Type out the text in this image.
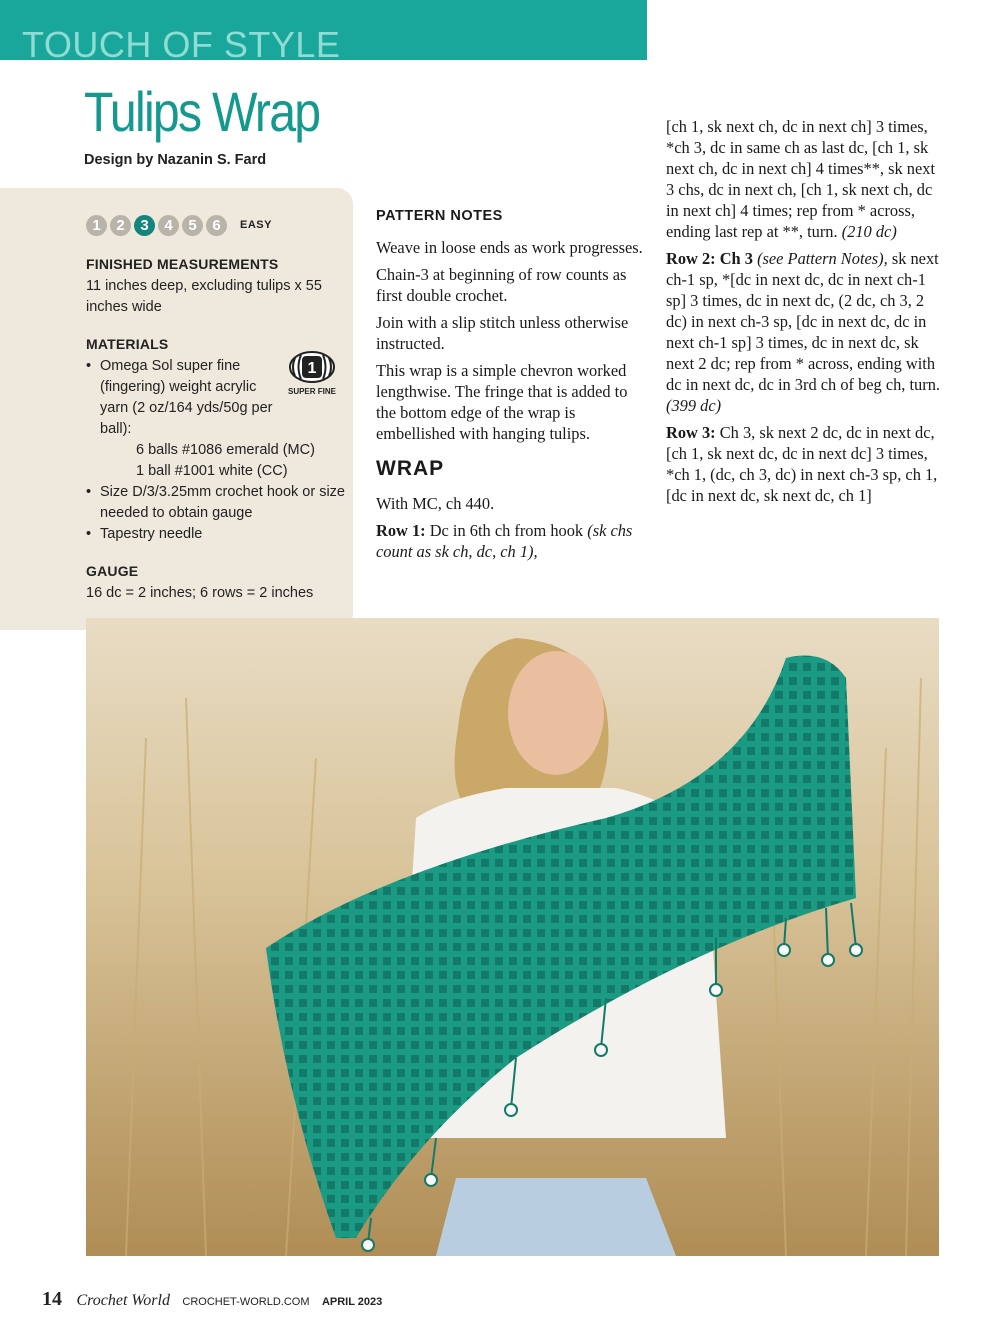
TOUCH OF STYLE
Tulips Wrap
Design by Nazanin S. Fard
1	2	3	4	5	6	EASY
FINISHED MEASUREMENTS

11 inches deep, excluding tulips x 55 inches wide

MATERIALS
• Omega Sol super fine (fingering) weight acrylic yarn (2 oz/164 yds/50g per ball):
6 balls #1086 emerald (MC)
1 ball #1001 white (CC)
• Size D/3/3.25mm crochet hook or size needed to obtain gauge
• Tapestry needle
GAUGE

16 dc = 2 inches; 6 rows = 2 inches

1
SUPER FINE
PATTERN NOTES

Weave in loose ends as work progresses.

Chain-3 at beginning of row counts as first double crochet.

Join with a slip stitch unless otherwise instructed.

This wrap is a simple chevron worked lengthwise. The fringe that is added to the bottom edge of the wrap is embellished with hanging tulips.

WRAP

With MC, ch 440.

Row 1: Dc in 6th ch from hook (sk chs count as sk ch, dc, ch 1),

[ch 1, sk next ch, dc in next ch] 3 times, *ch 3, dc in same ch as last dc, [ch 1, sk next ch, dc in next ch] 4 times**, sk next 3 chs, dc in next ch, [ch 1, sk next ch, dc in next ch] 4 times; rep from * across, ending last rep at **, turn. (210 dc)

Row 2: Ch 3 (see Pattern Notes), sk next ch-1 sp, *[dc in next dc, dc in next ch-1 sp] 3 times, dc in next dc, (2 dc, ch 3, 2 dc) in next ch-3 sp, [dc in next dc, dc in next ch-1 sp] 3 times, dc in next dc, sk next 2 dc; rep from * across, ending with dc in next dc, dc in 3rd ch of beg ch, turn. (399 dc)

Row 3: Ch 3, sk next 2 dc, dc in next dc, [ch 1, sk next dc, dc in next dc] 3 times, *ch 1, (dc, ch 3, dc) in next ch-3 sp, ch 1, [dc in next dc, sk next dc, ch 1]

14 Crochet World CROCHET-WORLD.COM APRIL 2023
